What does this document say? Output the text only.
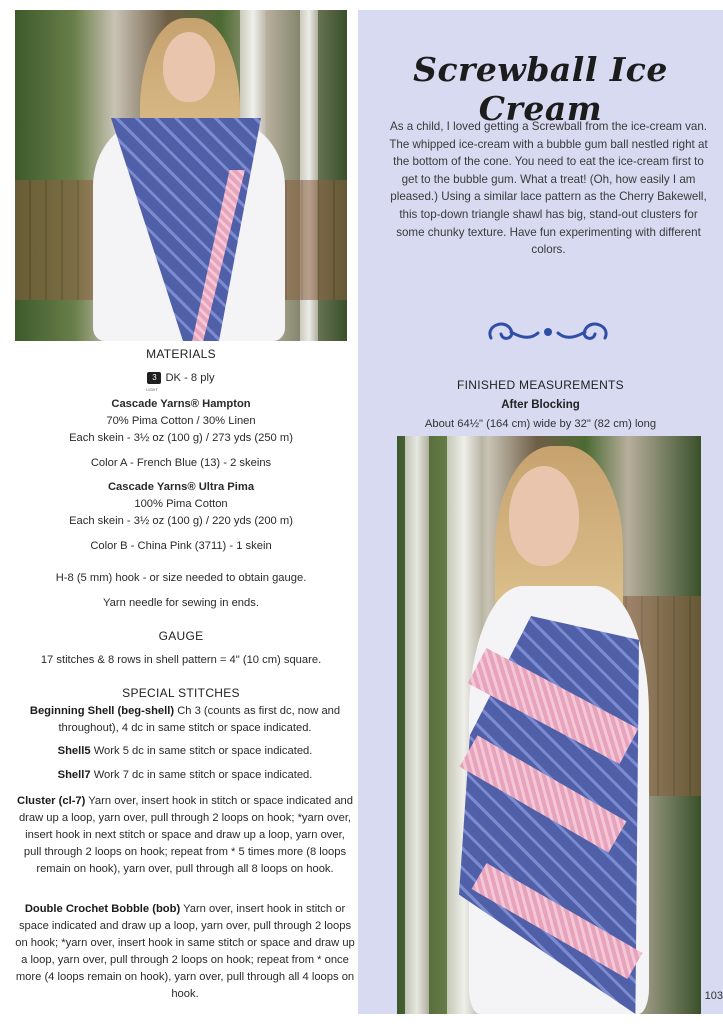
MATERIALS
3 DK - 8 ply
LIGHT
Cascade Yarns® Hampton
70% Pima Cotton / 30% Linen
Each skein - 3½ oz (100 g) / 273 yds (250 m)
Color A - French Blue (13) - 2 skeins
Cascade Yarns® Ultra Pima
100% Pima Cotton
Each skein - 3½ oz (100 g) / 220 yds (200 m)
Color B - China Pink (3711) - 1 skein
H-8 (5 mm) hook - or size needed to obtain gauge.
Yarn needle for sewing in ends.
GAUGE
17 stitches & 8 rows in shell pattern = 4" (10 cm) square.
SPECIAL STITCHES
Beginning Shell (beg-shell) Ch 3 (counts as first dc, now and throughout), 4 dc in same stitch or space indicated.
Shell5 Work 5 dc in same stitch or space indicated.
Shell7 Work 7 dc in same stitch or space indicated.
Cluster (cl-7) Yarn over, insert hook in stitch or space indicated and draw up a loop, yarn over, pull through 2 loops on hook; *yarn over, insert hook in next stitch or space and draw up a loop, yarn over, pull through 2 loops on hook; repeat from * 5 times more (8 loops remain on hook), yarn over, pull through all 8 loops on hook.
Double Crochet Bobble (bob) Yarn over, insert hook in stitch or space indicated and draw up a loop, yarn over, pull through 2 loops on hook; *yarn over, insert hook in same stitch or space and draw up a loop, yarn over, pull through 2 loops on hook; repeat from * once more (4 loops remain on hook), yarn over, pull through all 4 loops on hook.
Screwball Ice Cream
As a child, I loved getting a Screwball from the ice-cream van. The whipped ice-cream with a bubble gum ball nestled right at the bottom of the cone. You need to eat the ice-cream first to get to the bubble gum. What a treat! (Oh, how easily I am pleased.) Using a similar lace pattern as the Cherry Bakewell, this top-down triangle shawl has big, stand-out clusters for some chunky texture. Have fun experimenting with different colors.
FINISHED MEASUREMENTS
After Blocking
About 64½" (164 cm) wide by 32" (82 cm) long
103
